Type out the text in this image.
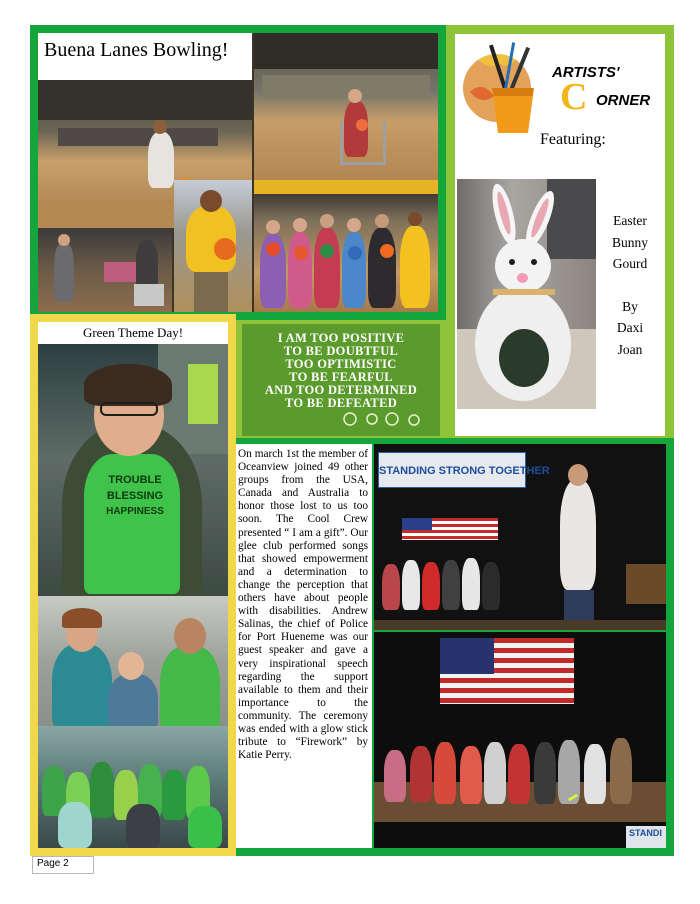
Buena Lanes Bowling!
ARTISTS'
C ORNER
Featuring:
Easter
Bunny
Gourd
By
Daxi
Joan
Green Theme Day!
TROUBLE
BLESSING
HAPPINESS
I AM TOO POSITIVE
TO BE DOUBTFUL
TOO OPTIMISTIC
TO BE FEARFUL
AND TOO DETERMINED
TO BE DEFEATED
On march 1st the member of Oceanview joined 49 other groups from the USA, Canada and Australia to honor those lost to us too soon. The Cool Crew presented “ I am a gift”. Our glee club performed songs that showed empowerment and a determination to change the perception that others have about people with disabilities. Andrew Salinas, the chief of Police for Port Hueneme was our guest speaker and gave a very inspirational speech regarding the support available to them and their importance to the community. The ceremony was ended with a glow stick tribute to “Firework” by Katie Perry.
STANDING STRONG TOGETHER
STANDI
Page 2
